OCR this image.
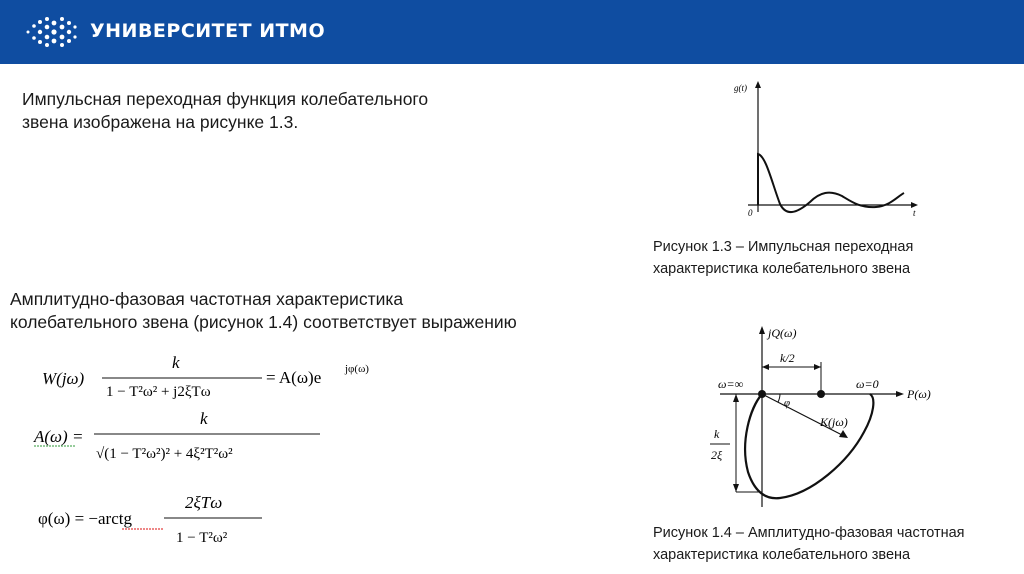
УНИВЕРСИТЕТ ИТМО
Импульсная переходная функция колебательного
звена изображена на рисунке 1.3.
Амплитудно-фазовая частотная характеристика
колебательного звена (рисунок 1.4) соответствует выражению
W(jω)
k
1 − T²ω² + j2ξTω
= A(ω)e jφ(ω)
A(ω) =
k
√(1 − T²ω²)² + 4ξ²T²ω²
φ(ω) = −arctg
2ξTω
1 − T²ω²
g(t)
t
0
Рисунок 1.3 – Импульсная переходная
характеристика колебательного звена
jQ(ω)
P(ω)
ω=∞	ω=0
k/2
k
2ξ
K(jω)
φ
Рисунок 1.4 – Амплитудно-фазовая частотная
характеристика колебательного звена
